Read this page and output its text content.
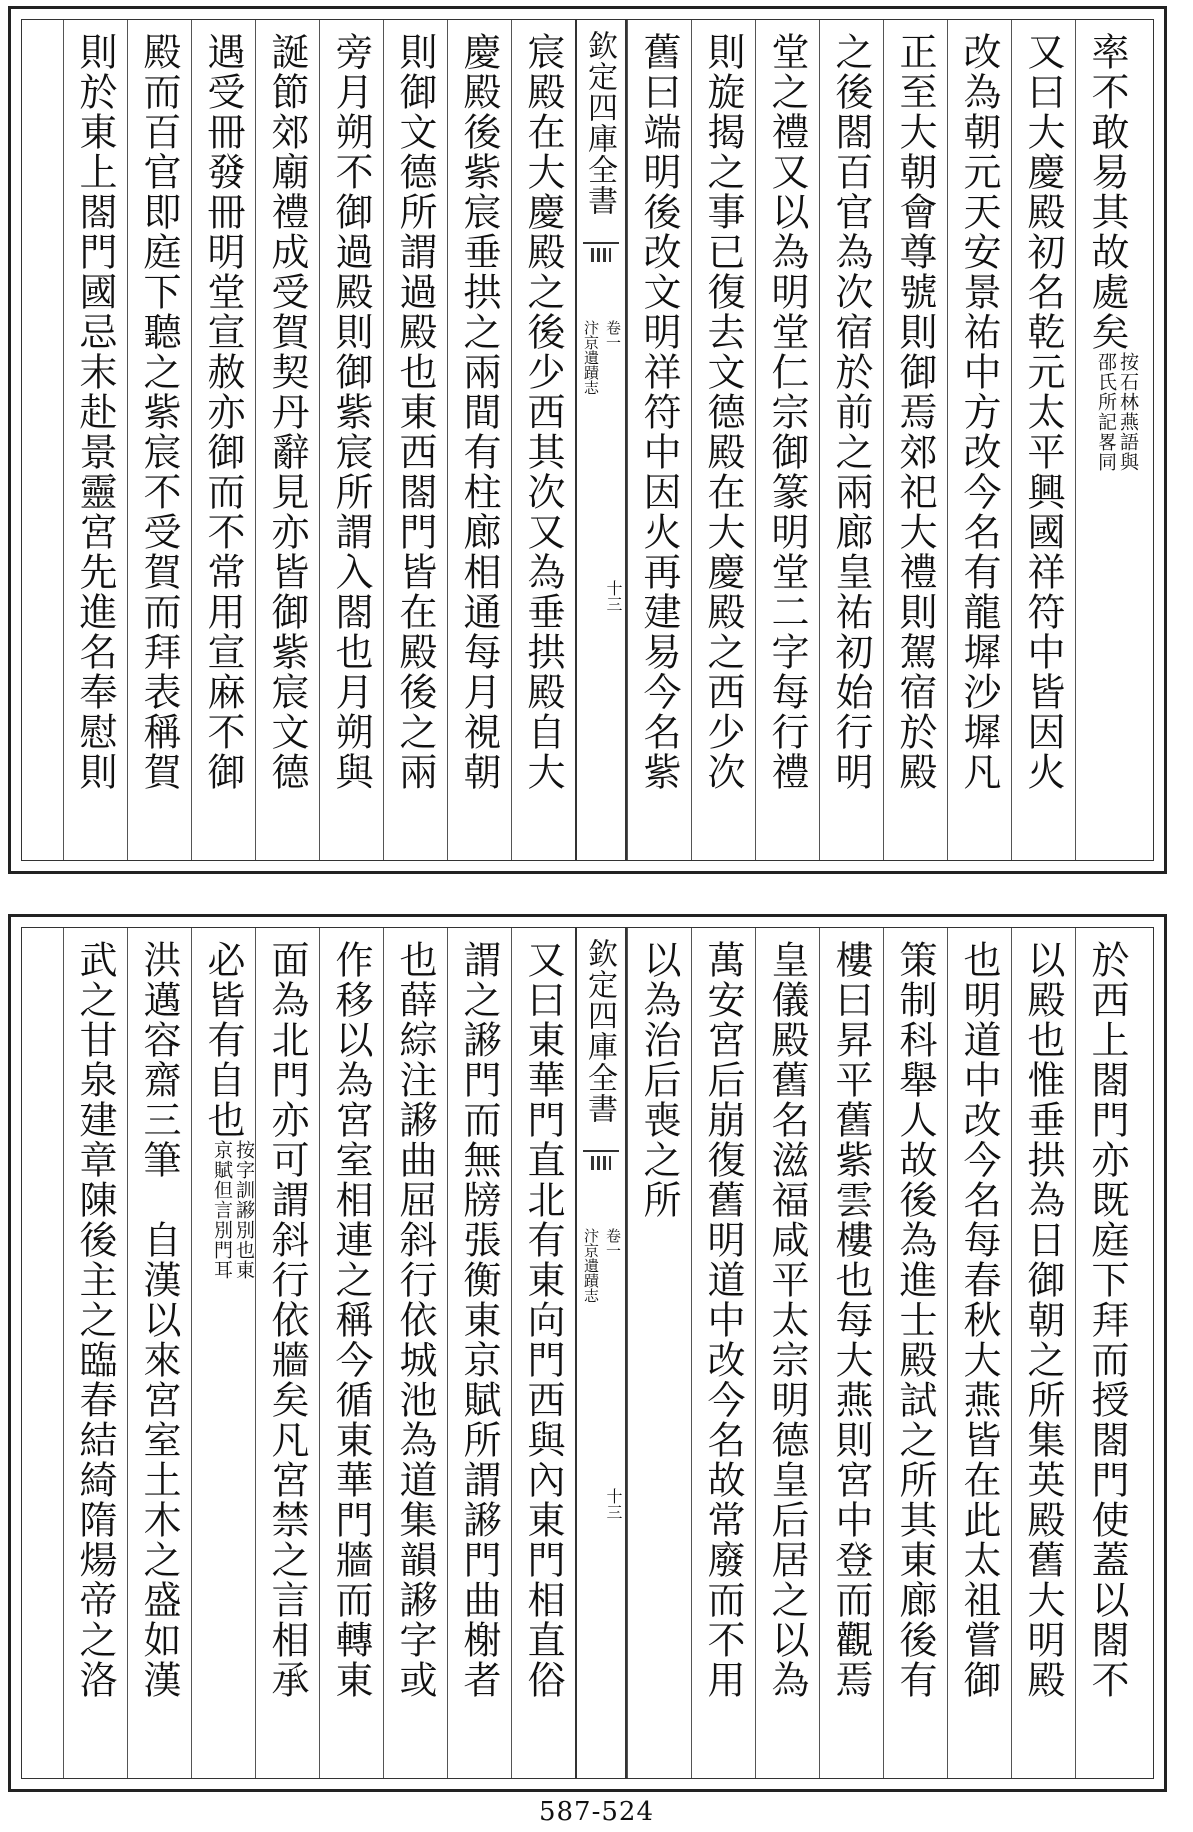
率不敢易其故處矣
按石林燕語與
邵氏所記畧同
又曰大慶殿初名乾元太平興國祥符中皆因火
改為朝元天安景祐中方改今名有龍墀沙墀凡
正至大朝會尊號則御焉郊祀大禮則駕宿於殿
之後閤百官為次宿於前之兩廊皇祐初始行明
堂之禮又以為明堂仁宗御篆明堂二字每行禮
則旋揭之事已復去文德殿在大慶殿之西少次
舊曰端明後改文明祥符中因火再建易今名紫
欽定四庫全書
汴京遺蹟志 卷一
十三
宸殿在大慶殿之後少西其次又為垂拱殿自大
慶殿後紫宸垂拱之兩間有柱廊相通每月視朝
則御文德所謂過殿也東西閤門皆在殿後之兩
旁月朔不御過殿則御紫宸所謂入閤也月朔與
誕節郊廟禮成受賀契丹辭見亦皆御紫宸文德
遇受冊發冊明堂宣赦亦御而不常用宣麻不御
殿而百官即庭下聽之紫宸不受賀而拜表稱賀
則於東上閤門國忌末赴景靈宮先進名奉慰則
於西上閤門亦既庭下拜而授閤門使蓋以閤不
以殿也惟垂拱為日御朝之所集英殿舊大明殿
也明道中改今名每春秋大燕皆在此太祖嘗御
策制科舉人故後為進士殿試之所其東廊後有
樓曰昇平舊紫雲樓也每大燕則宮中登而觀焉
皇儀殿舊名滋福咸平太宗明德皇后居之以為
萬安宮后崩復舊明道中改今名故常廢而不用
以為治后喪之所
欽定四庫全書
汴京遺蹟志 卷一
十三
又曰東華門直北有東向門西與內東門相直俗
謂之謻門而無牓張衡東京賦所謂謻門曲榭者
也薛綜注謻曲屈斜行依城池為道集韻謻字或
作移以為宮室相連之稱今循東華門牆而轉東
面為北門亦可謂斜行依牆矣凡宮禁之言相承
必皆有自也
按字訓謻別也東
京賦但言別門耳
洪邁容齋三筆　自漢以來宮室土木之盛如漢
武之甘泉建章陳後主之臨春結綺隋煬帝之洛
587-524
